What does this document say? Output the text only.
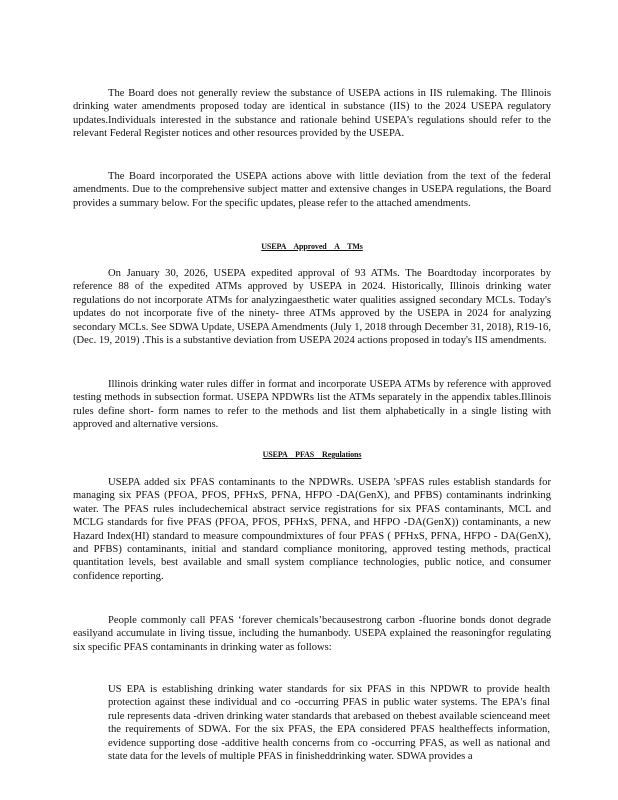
The Board does not generally review the substance of USEPA actions in IIS rulemaking. The Illinois drinking water amendments proposed today are identical in substance (IIS) to the 2024 USEPA regulatory updates.Individuals interested in the substance and rationale behind USEPA's regulations should refer to the relevant Federal Register notices and other resources provided by the USEPA.

The Board incorporated the USEPA actions above with little deviation from the text of the federal amendments. Due to the comprehensive subject matter and extensive changes in USEPA regulations, the Board provides a summary below. For the specific updates, please refer to the attached amendments.

USEPA Approved A TMs

On January 30, 2026, USEPA expedited approval of 93 ATMs. The Boardtoday incorporates by reference 88 of the expedited ATMs approved by USEPA in 2024. Historically, Illinois drinking water regulations do not incorporate ATMs for analyzingaesthetic water qualities assigned secondary MCLs. Today's updates do not incorporate five of the ninety- three ATMs approved by the USEPA in 2024 for analyzing secondary MCLs. See SDWA Update, USEPA Amendments (July 1, 2018 through December 31, 2018), R19-16, (Dec. 19, 2019) .This is a substantive deviation from USEPA 2024 actions proposed in today's IIS amendments.

Illinois drinking water rules differ in format and incorporate USEPA ATMs by reference with approved testing methods in subsection format. USEPA NPDWRs list the ATMs separately in the appendix tables.Illinois rules define short- form names to refer to the methods and list them alphabetically in a single listing with approved and alternative versions.

USEPA PFAS Regulations

USEPA added six PFAS contaminants to the NPDWRs. USEPA 'sPFAS rules establish standards for managing six PFAS (PFOA, PFOS, PFHxS, PFNA, HFPO -DA(GenX), and PFBS) contaminants indrinking water. The PFAS rules includechemical abstract service registrations for six PFAS contaminants, MCL and MCLG standards for five PFAS (PFOA, PFOS, PFHxS, PFNA, and HFPO -DA(GenX)) contaminants, a new Hazard Index(HI) standard to measure compoundmixtures of four PFAS ( PFHxS, PFNA, HFPO - DA(GenX), and PFBS) contaminants, initial and standard compliance monitoring, approved testing methods, practical quantitation levels, best available and small system compliance technologies, public notice, and consumer confidence reporting.

People commonly call PFAS ‘forever chemicals’becausestrong carbon -fluorine bonds donot degrade easilyand accumulate in living tissue, including the humanbody. USEPA explained the reasoningfor regulating six specific PFAS contaminants in drinking water as follows:

US EPA is establishing drinking water standards for six PFAS in this NPDWR to provide health protection against these individual and co -occurring PFAS in public water systems. The EPA's final rule represents data -driven drinking water standards that arebased on thebest available scienceand meet the requirements of SDWA. For the six PFAS, the EPA considered PFAS healtheffects information, evidence supporting dose -additive health concerns from co -occurring PFAS, as well as national and state data for the levels of multiple PFAS in finisheddrinking water. SDWA provides a
